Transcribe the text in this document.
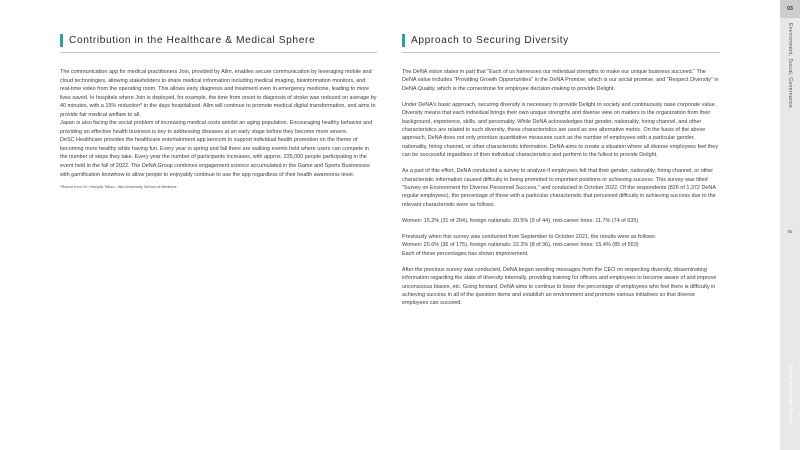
Contribution in the Healthcare & Medical Sphere

The communication app for medical practitioners Join, provided by Allm, enables secure communication by leveraging mobile and cloud technologies, allowing stakeholders to share medical information including medical imaging, bioinformation monitors, and real-time video from the operating room. This allows early diagnosis and treatment even in emergency medicine, leading to more lives saved. In hospitals where Join is deployed, for example, the time from onset to diagnosis of stroke was reduced on average by 40 minutes, with a 15% reduction* in the days hospitalized. Allm will continue to promote medical digital transformation, and aims to provide fair medical welfare to all.

Japan is also facing the social problem of increasing medical costs amidst an aging population. Encouraging healthy behavior and providing an effective health business is key to addressing diseases at an early stage before they become more severe.

DeSC Healthcare provides the healthcare entertainment app kencom to support individual health promotion on the theme of becoming more healthy while having fun. Every year in spring and fall there are walking events held where users can compete in the number of steps they take. Every year the number of participants increases, with approx. 235,000 people participating in the event held in the fall of 2022. The DeNA Group combines engagement science accumulated in the Game and Sports Businesses with gamification knowhow to allow people to enjoyably continue to use the app regardless of their health awareness level.

*Report from Dr. Hiroyuki Takao, Jikei University School of Medicine
Approach to Securing Diversity

The DeNA vision states in part that "Each of us harnesses our individual strengths to make our unique business succeed." The DeNA value includes "Providing Growth Opportunities" in the DeNA Promise, which is our social promise, and "Respect Diversity" in DeNA Quality, which is the cornerstone for employee decision-making to provide Delight.

Under DeNA's basic approach, securing diversity is necessary to provide Delight to society and continuously raise corporate value. Diversity means that each individual brings their own unique strengths and diverse view on matters to the organization from their background, experience, skills, and personality. While DeNA acknowledges that gender, nationality, hiring channel, and other characteristics are related to such diversity, these characteristics are used as one alternative metric. On the basis of the above approach, DeNA does not only prioritize quantitative measures such as the number of employees with a particular gender, nationality, hiring channel, or other characteristic information. DeNA aims to create a situation where all diverse employees feel they can be successful regardless of their individual characteristics and perform to the fullest to provide Delight.

As a part of this effort, DeNA conducted a survey to analyze if employees felt that their gender, nationality, hiring channel, or other characteristic information caused difficulty in being promoted to important positions or achieving success. This survey was titled "Survey on Environment for Diverse Personnel Success," and conducted in October 2022. Of the respondents (826 of 1,372 DeNA regular employees), the percentage of those with a particular characteristic that perceived difficulty in achieving success due to the relevant characteristic were as follows.

Women: 15.2% (31 of 204), foreign nationals: 20.5% (9 of 44), mid-career hires: 11.7% (74 of 635)

Previously when this survey was conducted from September to October 2021, the results were as follows:
Women: 20.6% (36 of 175), foreign nationals: 22.2% (8 of 36), mid-career hires: 15.4% (85 of 553)
Each of these percentages has shown improvement.

After the previous survey was conducted, DeNA began sending messages from the CEO on respecting diversity, disseminating information regarding the state of diversity internally, providing training for officers and employees to become aware of and improve unconscious biases, etc. Going forward, DeNA aims to continue to lower the percentage of employees who feel there is difficulty in achieving success in all of the question items and establish an environment and promote various initiatives so that diverse employees can succeed.

03
Environment, Social, Governance
65
DeNA Integrated Report
